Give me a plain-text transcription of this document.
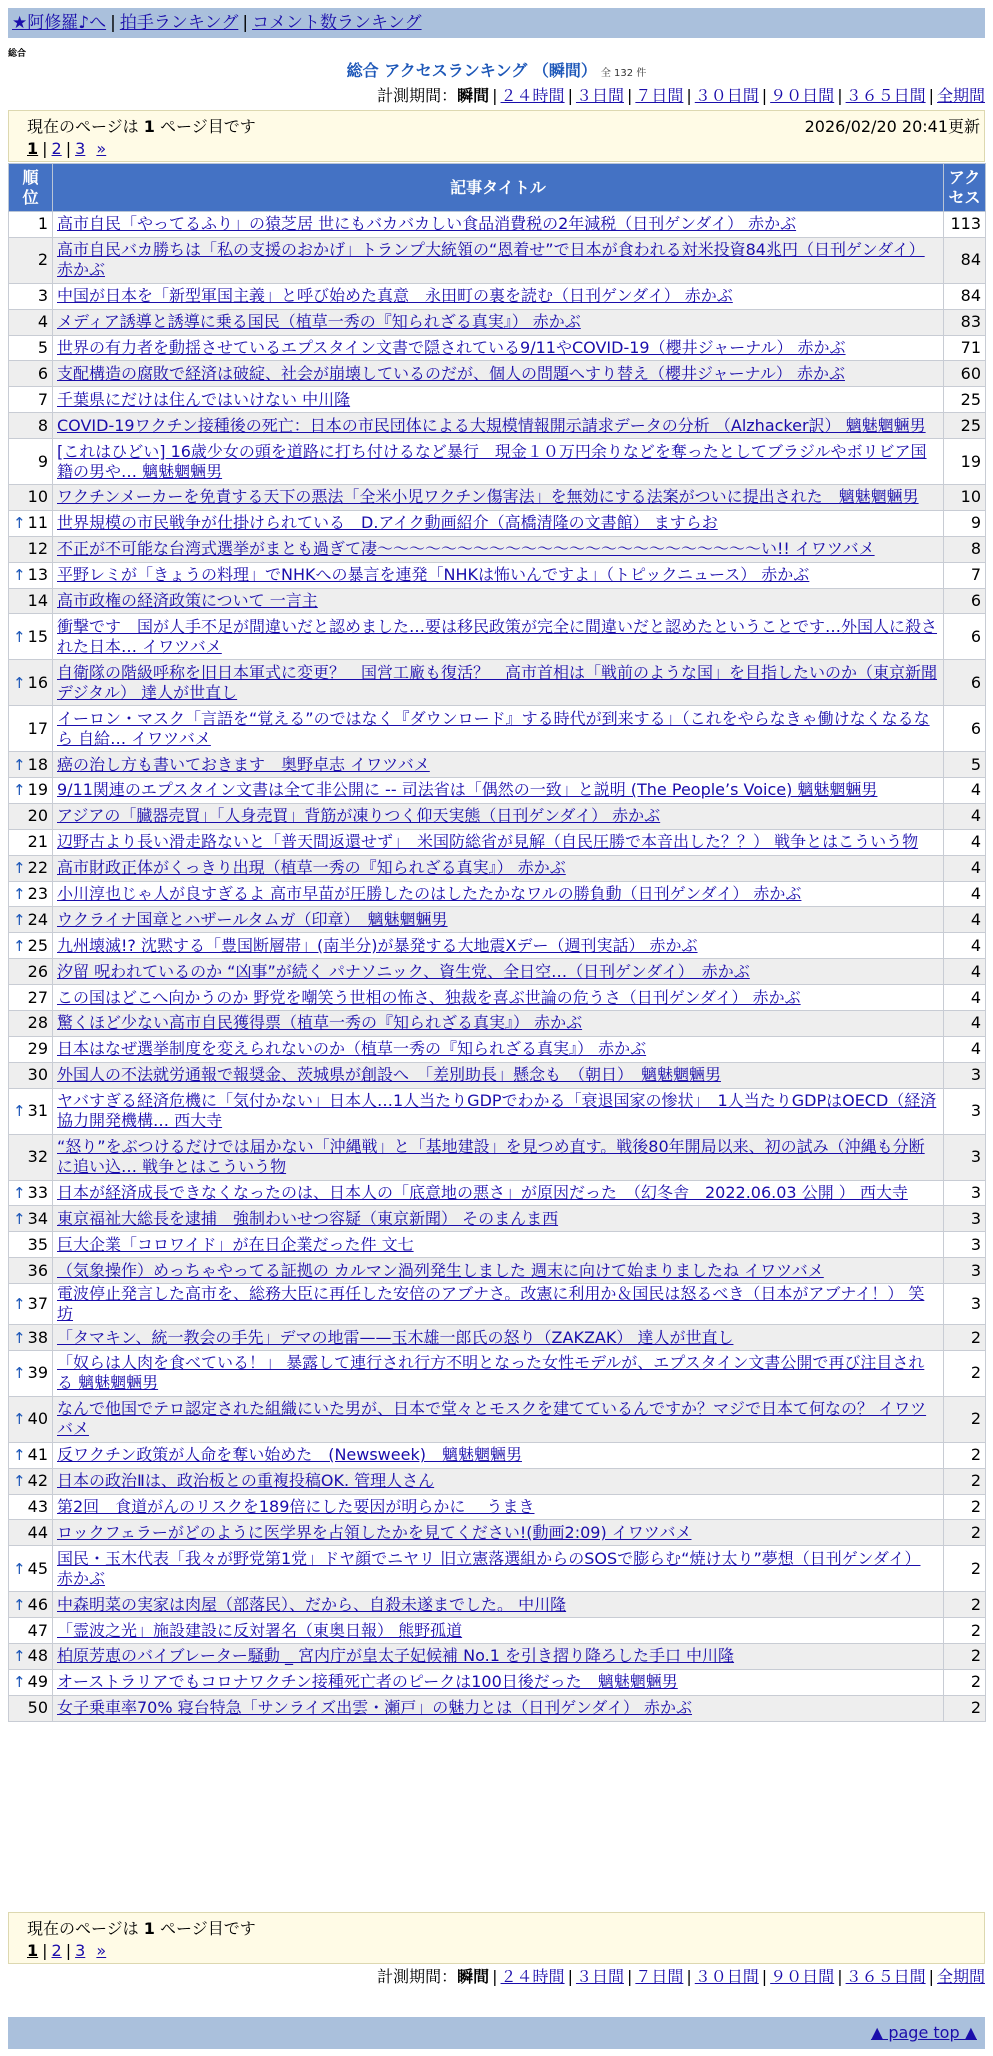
★阿修羅♪へ | 拍手ランキング | コメント数ランキング
総合
総合 アクセスランキング （瞬間） 全 132 件
計測期間：瞬間 | ２４時間 | ３日間 | ７日間 | ３０日間 | ９０日間 | ３６５日間 | 全期間
現在のページは 1 ページ目です	2026/02/20 20:41更新
1 | 2 | 3 »
順位	記事タイトル	アクセス
1	高市自民「やってるふり」の猿芝居 世にもバカバカしい食品消費税の2年減税（日刊ゲンダイ） 赤かぶ	113
2	高市自民バカ勝ちは「私の支援のおかげ」トランプ大統領の“恩着せ”で日本が食われる対米投資84兆円（日刊ゲンダイ） 赤かぶ	84
3	中国が日本を「新型軍国主義」と呼び始めた真意　永田町の裏を読む（日刊ゲンダイ） 赤かぶ	84
4	メディア誘導と誘導に乗る国民（植草一秀の『知られざる真実』） 赤かぶ	83
5	世界の有力者を動揺させているエプスタイン文書で隠されている9/11やCOVID-19（櫻井ジャーナル） 赤かぶ	71
6	支配構造の腐敗で経済は破綻、社会が崩壊しているのだが、個人の問題へすり替え（櫻井ジャーナル） 赤かぶ	60
7	千葉県にだけは住んではいけない 中川隆	25
8	COVID-19ワクチン接種後の死亡：日本の市民団体による大規模情報開示請求データの分析 （Alzhacker訳） 魑魅魍魎男	25
9	[これはひどい] 16歳少女の頭を道路に打ち付けるなど暴行　現金１０万円余りなどを奪ったとしてブラジルやボリビア国籍の男や… 魑魅魍魎男	19
10	ワクチンメーカーを免責する天下の悪法「全米小児ワクチン傷害法」を無効にする法案がついに提出された　魑魅魍魎男	10

↑ 11	世界規模の市民戦争が仕掛けられている　D.アイク動画紹介（高橋清隆の文書館） ますらお	9
12	不正が不可能な台湾式選挙がまとも過ぎて凄〜〜〜〜〜〜〜〜〜〜〜〜〜〜〜〜〜〜〜〜〜〜〜〜い!! イワツバメ	8

↑ 13	平野レミが「きょうの料理」でNHKへの暴言を連発「NHKは怖いんですよ」（トピックニュース） 赤かぶ	7
14	高市政権の経済政策について 一言主	6

↑ 15	衝撃です　国が人手不足が間違いだと認めました…要は移民政策が完全に間違いだと認めたということです…外国人に殺された日本… イワツバメ	6

↑ 16	自衛隊の階級呼称を旧日本軍式に変更？　国営工廠も復活？　高市首相は「戦前のような国」を目指したいのか（東京新聞デジタル） 達人が世直し	6
17	イーロン・マスク「言語を“覚える”のではなく『ダウンロード』する時代が到来する」（これをやらなきゃ働けなくなるなら 自給… イワツバメ	6

↑ 18	癌の治し方も書いておきます　奥野卓志 イワツバメ	5

↑ 19	9/11関連のエプスタイン文書は全て非公開に -- 司法省は「偶然の一致」と説明 (The People’s Voice) 魑魅魍魎男	4
20	アジアの「臓器売買」「人身売買」背筋が凍りつく仰天実態（日刊ゲンダイ） 赤かぶ	4
21	辺野古より長い滑走路ないと「普天間返還せず」　米国防総省が見解（自民圧勝で本音出した？？） 戦争とはこういう物	4

↑ 22	高市財政正体がくっきり出現（植草一秀の『知られざる真実』） 赤かぶ	4

↑ 23	小川淳也じゃ人が良すぎるよ 高市早苗が圧勝したのはしたたかなワルの勝負動（日刊ゲンダイ） 赤かぶ	4

↑ 24	ウクライナ国章とハザールタムガ（印章）　魑魅魍魎男	4

↑ 25	九州壊滅!? 沈黙する「豊国断層帯」(南半分)が暴発する大地震Xデー（週刊実話） 赤かぶ	4
26	汐留 呪われているのか “凶事”が続く パナソニック、資生党、全日空…（日刊ゲンダイ）　赤かぶ	4
27	この国はどこへ向かうのか 野党を嘲笑う世相の怖さ、独裁を喜ぶ世論の危うさ（日刊ゲンダイ） 赤かぶ	4
28	驚くほど少ない高市自民獲得票（植草一秀の『知られざる真実』） 赤かぶ	4
29	日本はなぜ選挙制度を変えられないのか（植草一秀の『知られざる真実』） 赤かぶ	4
30	外国人の不法就労通報で報奨金、茨城県が創設へ　「差別助長」懸念も　（朝日）　魑魅魍魎男	3

↑ 31	ヤバすぎる経済危機に「気付かない」日本人…1人当たりGDPでわかる「衰退国家の惨状」　1人当たりGDPはOECD（経済協力開発機構… 西大寺	3
32	“怒り”をぶつけるだけでは届かない「沖縄戦」と「基地建設」を見つめ直す。戦後80年開局以来、初の試み（沖縄も分断に追い込… 戦争とはこういう物	3

↑ 33	日本が経済成長できなくなったのは、日本人の「底意地の悪さ」が原因だった　（幻冬舎　2022.06.03 公開 ） 西大寺	3

↑ 34	東京福祉大総長を逮捕　強制わいせつ容疑（東京新聞） そのまんま西	3
35	巨大企業「コロワイド」が在日企業だった件 文七	3
36	（気象操作）めっちゃやってる証拠の カルマン渦列発生しました 週末に向けて始まりましたね イワツバメ	3

↑ 37	電波停止発言した高市を、総務大臣に再任した安倍のアブナさ。改憲に利用か＆国民は怒るべき（日本がアブナイ！） 笑坊	3

↑ 38	「タマキン、統一教会の手先」デマの地雷——玉木雄一郎氏の怒り（ZAKZAK） 達人が世直し	2

↑ 39	「奴らは人肉を食べている！」 暴露して連行され行方不明となった女性モデルが、エプスタイン文書公開で再び注目される 魑魅魍魎男	2

↑ 40	なんで他国でテロ認定された組織にいた男が、日本で堂々とモスクを建てているんですか？マジで日本て何なの？ イワツバメ	2

↑ 41	反ワクチン政策が人命を奪い始めた　(Newsweek)　魑魅魍魎男	2

↑ 42	日本の政治Ⅱは、政治板との重複投稿OK. 管理人さん	2
43	第2回　食道がんのリスクを189倍にした要因が明らかに　 うまき	2
44	ロックフェラーがどのように医学界を占領したかを見てください!(動画2:09) イワツバメ	2

↑ 45	国民・玉木代表「我々が野党第1党」ドヤ顔でニヤリ 旧立憲落選組からのSOSで膨らむ“焼け太り”夢想（日刊ゲンダイ） 赤かぶ	2

↑ 46	中森明菜の実家は肉屋（部落民）、だから、自殺未遂までした。 中川隆	2
47	「霊波之光」施設建設に反対署名（東奥日報） 熊野孤道	2

↑ 48	柏原芳恵のバイブレーター騒動 _ 宮内庁が皇太子妃候補 No.1 を引き摺り降ろした手口 中川隆	2

↑ 49	オーストラリアでもコロナワクチン接種死亡者のピークは100日後だった　魑魅魍魎男	2
50	女子乗車率70% 寝台特急「サンライズ出雲・瀬戸」の魅力とは（日刊ゲンダイ） 赤かぶ	2
現在のページは 1 ページ目です
1 | 2 | 3 »
計測期間：瞬間 | ２４時間 | ３日間 | ７日間 | ３０日間 | ９０日間 | ３６５日間 | 全期間
▲ page top ▲
